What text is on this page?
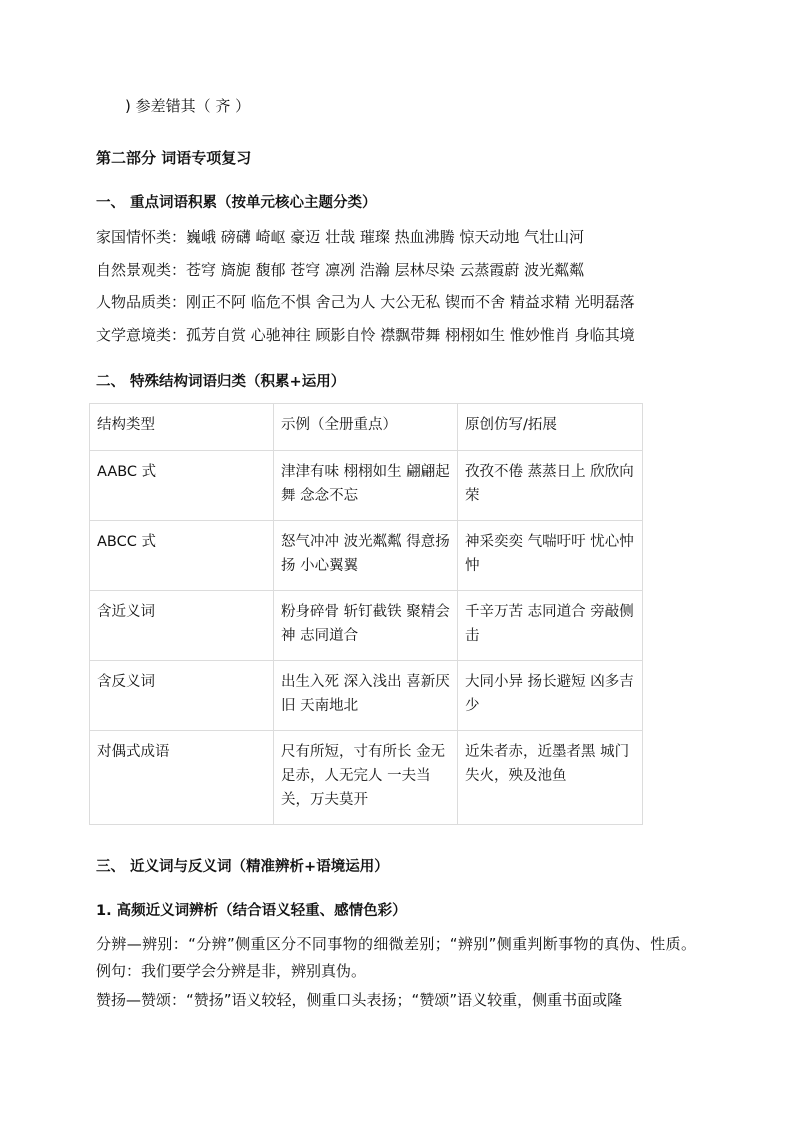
) 参差错其（ 齐 ）
第二部分 词语专项复习
一、 重点词语积累（按单元核心主题分类）
家国情怀类：巍峨 磅礴 崎岖 豪迈 壮哉 璀璨 热血沸腾 惊天动地 气壮山河
自然景观类：苍穹 旖旎 馥郁 苍穹 凛冽 浩瀚 层林尽染 云蒸霞蔚 波光粼粼
人物品质类：刚正不阿 临危不惧 舍己为人 大公无私 锲而不舍 精益求精 光明磊落
文学意境类：孤芳自赏 心驰神往 顾影自怜 襟飘带舞 栩栩如生 惟妙惟肖 身临其境
二、 特殊结构词语归类（积累+运用）
结构类型	示例（全册重点）	原创仿写/拓展
AABC 式	津津有味 栩栩如生 翩翩起舞 念念不忘	孜孜不倦 蒸蒸日上 欣欣向荣
ABCC 式	怒气冲冲 波光粼粼 得意扬扬 小心翼翼	神采奕奕 气喘吁吁 忧心忡忡
含近义词	粉身碎骨 斩钉截铁 聚精会神 志同道合	千辛万苦 志同道合 旁敲侧击
含反义词	出生入死 深入浅出 喜新厌旧 天南地北	大同小异 扬长避短 凶多吉少
对偶式成语	尺有所短，寸有所长 金无足赤，人无完人 一夫当关，万夫莫开	近朱者赤，近墨者黑 城门失火，殃及池鱼
三、 近义词与反义词（精准辨析+语境运用）
1. 高频近义词辨析（结合语义轻重、感情色彩）
分辨—辨别：“分辨”侧重区分不同事物的细微差别；“辨别”侧重判断事物的真伪、性质。例句：我们要学会分辨是非，辨别真伪。
赞扬—赞颂：“赞扬”语义较轻，侧重口头表扬；“赞颂”语义较重，侧重书面或隆
